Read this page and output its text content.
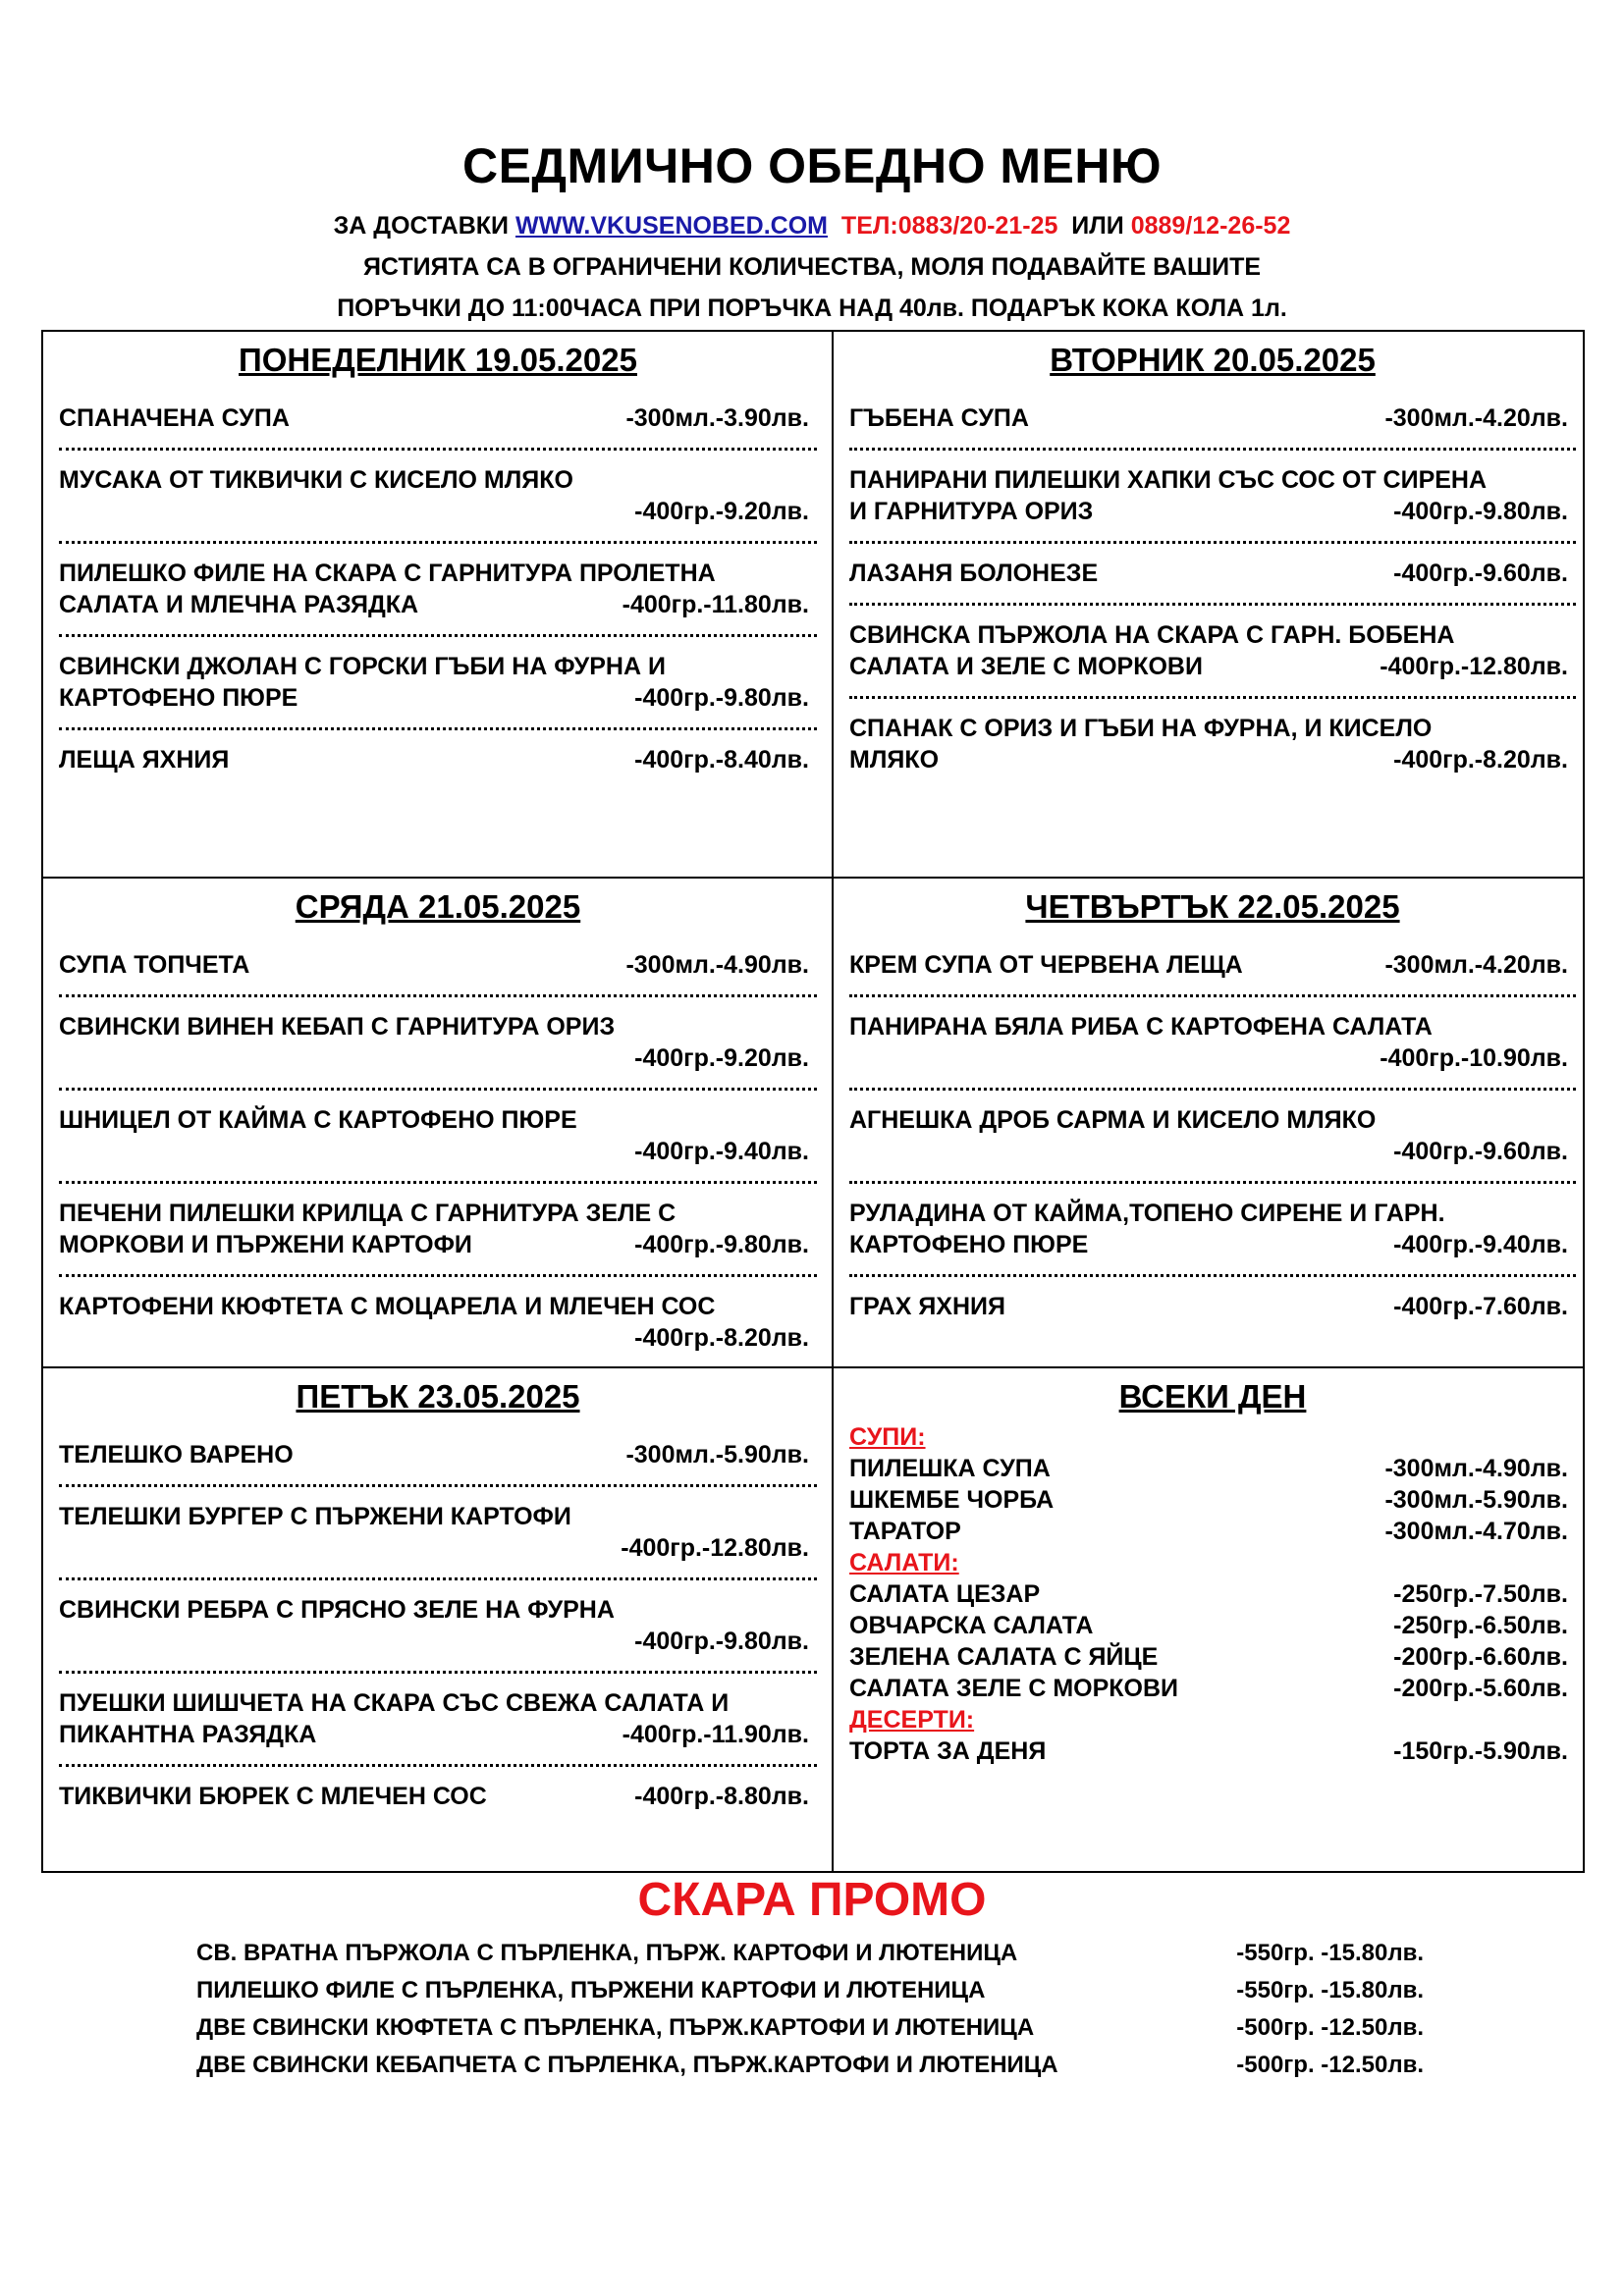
СЕДМИЧНО ОБЕДНО МЕНЮ
ЗА ДОСТАВКИ WWW.VKUSENOBED.COM ТЕЛ:0883/20-21-25 ИЛИ 0889/12-26-52
ЯСТИЯТА СА В ОГРАНИЧЕНИ КОЛИЧЕСТВА, МОЛЯ ПОДАВАЙТЕ ВАШИТЕ
ПОРЪЧКИ ДО 11:00ЧАСА ПРИ ПОРЪЧКА НАД 40лв. ПОДАРЪК КОКА КОЛА 1л.
ПОНЕДЕЛНИК 19.05.2025
СПАНАЧЕНА СУПА	-300мл.-3.90лв.
МУСАКА ОТ ТИКВИЧКИ С КИСЕЛО МЛЯКО
-400гр.-9.20лв.
ПИЛЕШКО ФИЛЕ НА СКАРА С ГАРНИТУРА ПРОЛЕТНА
САЛАТА И МЛЕЧНА РАЗЯДКА	-400гр.-11.80лв.
СВИНСКИ ДЖОЛАН С ГОРСКИ ГЪБИ НА ФУРНА И
КАРТОФЕНО ПЮРЕ	-400гр.-9.80лв.
ЛЕЩА ЯХНИЯ	-400гр.-8.40лв.
ВТОРНИК 20.05.2025
ГЪБЕНА СУПА	-300мл.-4.20лв.
ПАНИРАНИ ПИЛЕШКИ ХАПКИ СЪС СОС ОТ СИРЕНА
И ГАРНИТУРА ОРИЗ	-400гр.-9.80лв.
ЛАЗАНЯ БОЛОНЕЗЕ	-400гр.-9.60лв.
СВИНСКА ПЪРЖОЛА НА СКАРА С ГАРН. БОБЕНА
САЛАТА И ЗЕЛЕ С МОРКОВИ	-400гр.-12.80лв.
СПАНАК С ОРИЗ И ГЪБИ НА ФУРНА, И КИСЕЛО
МЛЯКО	-400гр.-8.20лв.
СРЯДА 21.05.2025
СУПА ТОПЧЕТА	-300мл.-4.90лв.
СВИНСКИ ВИНЕН КЕБАП С ГАРНИТУРА ОРИЗ
-400гр.-9.20лв.
ШНИЦЕЛ ОТ КАЙМА С КАРТОФЕНО ПЮРЕ
-400гр.-9.40лв.
ПЕЧЕНИ ПИЛЕШКИ КРИЛЦА С ГАРНИТУРА ЗЕЛЕ С
МОРКОВИ И ПЪРЖЕНИ КАРТОФИ	-400гр.-9.80лв.
КАРТОФЕНИ КЮФТЕТА С МОЦАРЕЛА И МЛЕЧЕН СОС
-400гр.-8.20лв.
ЧЕТВЪРТЪК 22.05.2025
КРЕМ СУПА ОТ ЧЕРВЕНА ЛЕЩА	-300мл.-4.20лв.
ПАНИРАНА БЯЛА РИБА С КАРТОФЕНА САЛАТА
-400гр.-10.90лв.
АГНЕШКА ДРОБ САРМА И КИСЕЛО МЛЯКО
-400гр.-9.60лв.
РУЛАДИНА ОТ КАЙМА,ТОПЕНО СИРЕНЕ И ГАРН.
КАРТОФЕНО ПЮРЕ	-400гр.-9.40лв.
ГРАХ ЯХНИЯ	-400гр.-7.60лв.
ПЕТЪК 23.05.2025
ТЕЛЕШКО ВАРЕНО	-300мл.-5.90лв.
ТЕЛЕШКИ БУРГЕР С ПЪРЖЕНИ КАРТОФИ
-400гр.-12.80лв.
СВИНСКИ РЕБРА С ПРЯСНО ЗЕЛЕ НА ФУРНА
-400гр.-9.80лв.
ПУЕШКИ ШИШЧЕТА НА СКАРА СЪС СВЕЖА САЛАТА И
ПИКАНТНА РАЗЯДКА	-400гр.-11.90лв.
ТИКВИЧКИ БЮРЕК С МЛЕЧЕН СОС	-400гр.-8.80лв.
ВСЕКИ ДЕН
СУПИ:
ПИЛЕШКА СУПА	-300мл.-4.90лв.
ШКЕМБЕ ЧОРБА	-300мл.-5.90лв.
ТАРАТОР	-300мл.-4.70лв.
САЛАТИ:
САЛАТА ЦЕЗАР	-250гр.-7.50лв.
ОВЧАРСКА САЛАТА	-250гр.-6.50лв.
ЗЕЛЕНА САЛАТА С ЯЙЦЕ	-200гр.-6.60лв.
САЛАТА ЗЕЛЕ С МОРКОВИ	-200гр.-5.60лв.
ДЕСЕРТИ:
ТОРТА ЗА ДЕНЯ	-150гр.-5.90лв.
СКАРА ПРОМО
СВ. ВРАТНА ПЪРЖОЛА С ПЪРЛЕНКА, ПЪРЖ. КАРТОФИ И ЛЮТЕНИЦА	-550гр. -15.80лв.
ПИЛЕШКО ФИЛЕ С ПЪРЛЕНКА, ПЪРЖЕНИ КАРТОФИ И ЛЮТЕНИЦА	-550гр. -15.80лв.
ДВЕ СВИНСКИ КЮФТЕТА С ПЪРЛЕНКА, ПЪРЖ.КАРТОФИ И ЛЮТЕНИЦА	-500гр. -12.50лв.
ДВЕ СВИНСКИ КЕБАПЧЕТА С ПЪРЛЕНКА, ПЪРЖ.КАРТОФИ И ЛЮТЕНИЦА	-500гр. -12.50лв.
